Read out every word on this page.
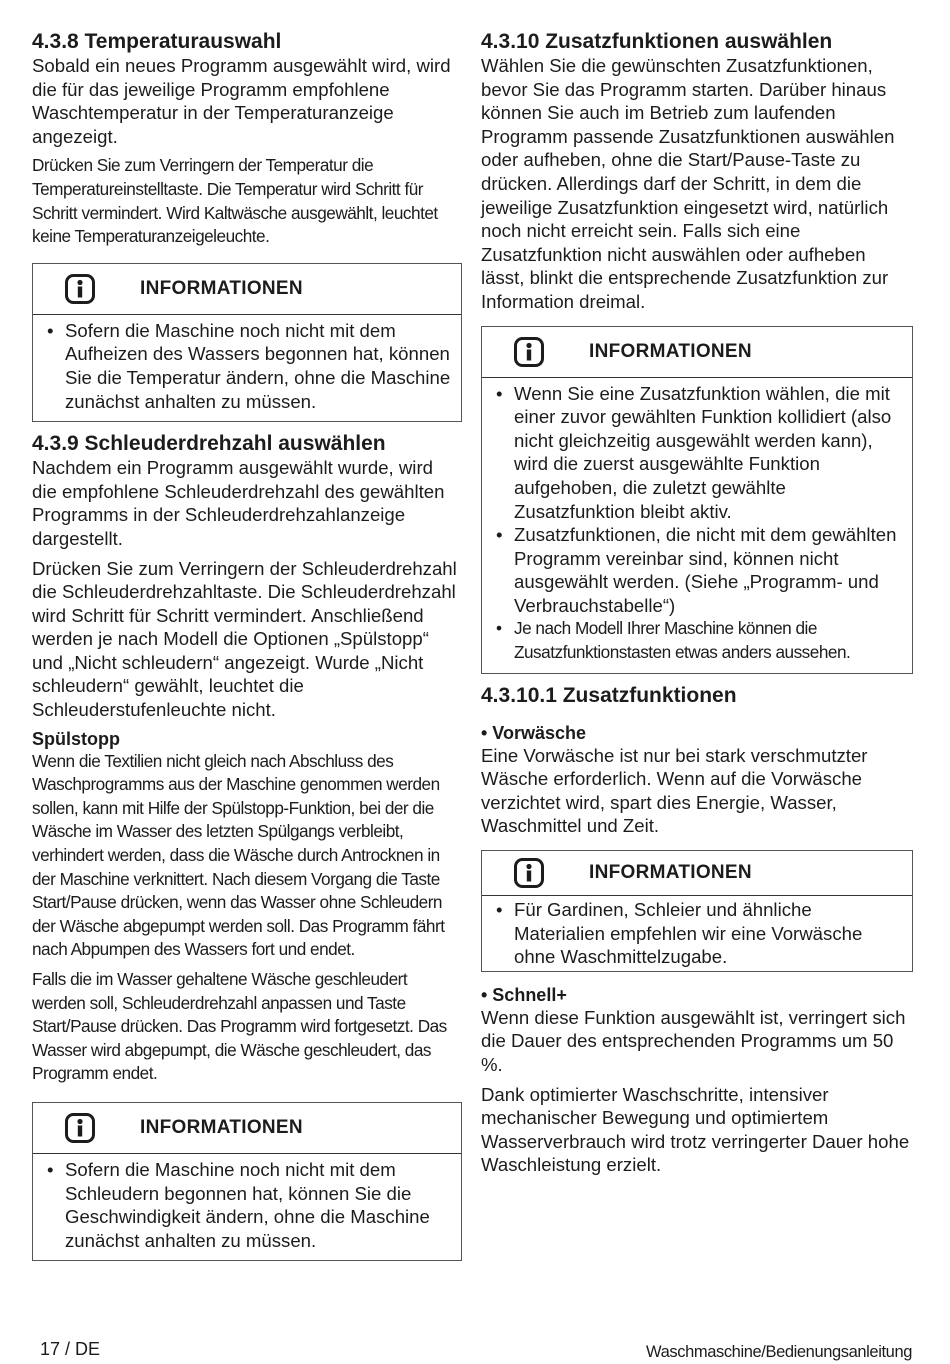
4.3.8 Temperaturauswahl

Sobald ein neues Programm ausgewählt wird, wird die für das jeweilige Programm empfohlene Waschtemperatur in der Temperaturanzeige angezeigt.

Drücken Sie zum Verringern der Temperatur die Temperatureinstelltaste. Die Temperatur wird Schritt für Schritt vermindert. Wird Kaltwäsche ausgewählt, leuchtet keine Temperaturanzeigeleuchte.

INFORMATIONEN
• Sofern die Maschine noch nicht mit dem Aufheizen des Wassers begonnen hat, können Sie die Temperatur ändern, ohne die Maschine zunächst anhalten zu müssen.
4.3.9 Schleuderdrehzahl auswählen

Nachdem ein Programm ausgewählt wurde, wird die empfohlene Schleuderdrehzahl des gewählten Programms in der Schleuderdrehzahlanzeige dargestellt.

Drücken Sie zum Verringern der Schleuderdrehzahl die Schleuderdrehzahltaste. Die Schleuderdrehzahl wird Schritt für Schritt vermindert. Anschließend werden je nach Modell die Optionen „Spülstopp“ und „Nicht schleudern“ angezeigt. Wurde „Nicht schleudern“ gewählt, leuchtet die Schleuderstufenleuchte nicht.

Spülstopp

Wenn die Textilien nicht gleich nach Abschluss des Waschprogramms aus der Maschine genommen werden sollen, kann mit Hilfe der Spülstopp-Funktion, bei der die Wäsche im Wasser des letzten Spülgangs verbleibt, verhindert werden, dass die Wäsche durch Antrocknen in der Maschine verknittert. Nach diesem Vorgang die Taste Start/Pause drücken, wenn das Wasser ohne Schleudern der Wäsche abgepumpt werden soll. Das Programm fährt nach Abpumpen des Wassers fort und endet.

Falls die im Wasser gehaltene Wäsche geschleudert werden soll, Schleuderdrehzahl anpassen und Taste Start/Pause drücken. Das Programm wird fortgesetzt. Das Wasser wird abgepumpt, die Wäsche geschleudert, das Programm endet.

INFORMATIONEN
• Sofern die Maschine noch nicht mit dem Schleudern begonnen hat, können Sie die Geschwindigkeit ändern, ohne die Maschine zunächst anhalten zu müssen.
4.3.10 Zusatzfunktionen auswählen

Wählen Sie die gewünschten Zusatzfunktionen, bevor Sie das Programm starten. Darüber hinaus können Sie auch im Betrieb zum laufenden Programm passende Zusatzfunktionen auswählen oder aufheben, ohne die Start/Pause-Taste zu drücken. Allerdings darf der Schritt, in dem die jeweilige Zusatzfunktion eingesetzt wird, natürlich noch nicht erreicht sein. Falls sich eine Zusatzfunktion nicht auswählen oder aufheben lässt, blinkt die entsprechende Zusatzfunktion zur Information dreimal.

INFORMATIONEN
• Wenn Sie eine Zusatzfunktion wählen, die mit einer zuvor gewählten Funktion kollidiert (also nicht gleichzeitig ausgewählt werden kann), wird die zuerst ausgewählte Funktion aufgehoben, die zuletzt gewählte Zusatzfunktion bleibt aktiv.
• Zusatzfunktionen, die nicht mit dem gewählten Programm vereinbar sind, können nicht ausgewählt werden. (Siehe „Programm- und Verbrauchstabelle“)
• Je nach Modell Ihrer Maschine können die Zusatzfunktionstasten etwas anders aussehen.
4.3.10.1 Zusatzfunktionen
• Vorwäsche

Eine Vorwäsche ist nur bei stark verschmutzter Wäsche erforderlich. Wenn auf die Vorwäsche verzichtet wird, spart dies Energie, Wasser, Waschmittel und Zeit.

INFORMATIONEN
• Für Gardinen, Schleier und ähnliche Materialien empfehlen wir eine Vorwäsche ohne Waschmittelzugabe.
• Schnell+

Wenn diese Funktion ausgewählt ist, verringert sich die Dauer des entsprechenden Programms um 50 %.

Dank optimierter Waschschritte, intensiver mechanischer Bewegung und optimiertem Wasserverbrauch wird trotz verringerter Dauer hohe Waschleistung erzielt.

17 / DE	Waschmaschine/Bedienungsanleitung
